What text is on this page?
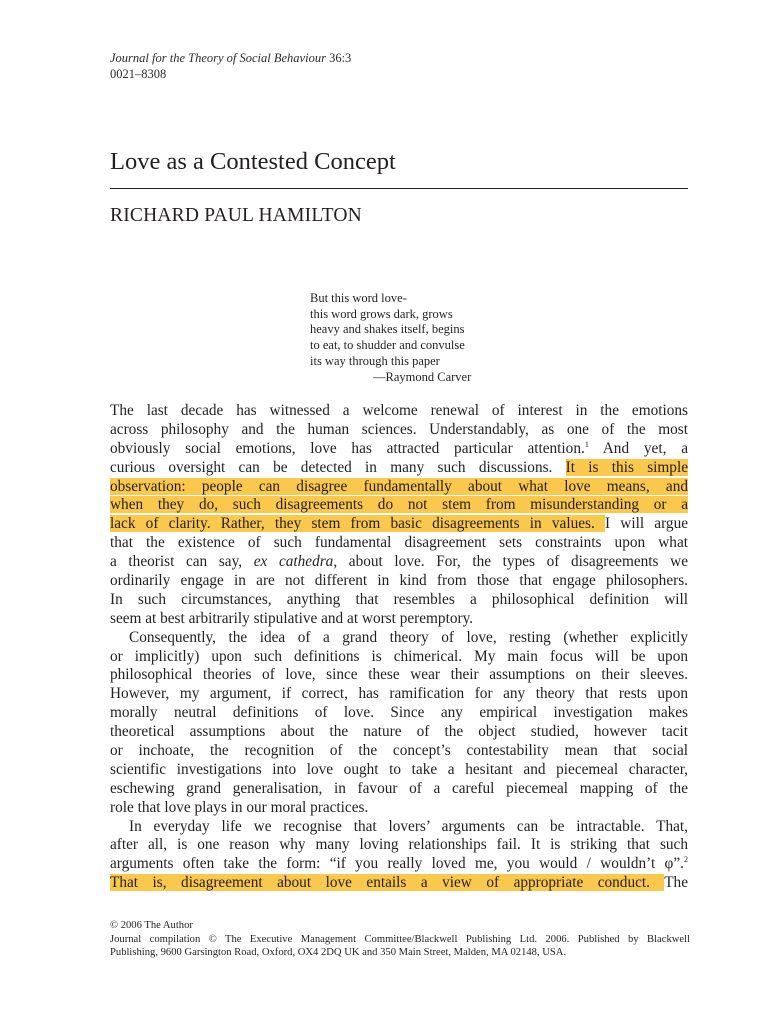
Journal for the Theory of Social Behaviour 36:3
0021–8308
Love as a Contested Concept
RICHARD PAUL HAMILTON
But this word love-
this word grows dark, grows
heavy and shakes itself, begins
to eat, to shudder and convulse
its way through this paper
—Raymond Carver
The last decade has witnessed a welcome renewal of interest in the emotions
across philosophy and the human sciences. Understandably, as one of the most
obviously social emotions, love has attracted particular attention.$^1$ And yet, a
curious oversight can be detected in many such discussions. It is this simple
observation: people can disagree fundamentally about what love means, and
when they do, such disagreements do not stem from misunderstanding or a
lack of clarity. Rather, they stem from basic disagreements in values. I will argue
that the existence of such fundamental disagreement sets constraints upon what
a theorist can say, ex cathedra, about love. For, the types of disagreements we
ordinarily engage in are not different in kind from those that engage philosophers.
In such circumstances, anything that resembles a philosophical definition will
seem at best arbitrarily stipulative and at worst peremptory.
Consequently, the idea of a grand theory of love, resting (whether explicitly
or implicitly) upon such definitions is chimerical. My main focus will be upon
philosophical theories of love, since these wear their assumptions on their sleeves.
However, my argument, if correct, has ramification for any theory that rests upon
morally neutral definitions of love. Since any empirical investigation makes
theoretical assumptions about the nature of the object studied, however tacit
or inchoate, the recognition of the concept’s contestability mean that social
scientific investigations into love ought to take a hesitant and piecemeal character,
eschewing grand generalisation, in favour of a careful piecemeal mapping of the
role that love plays in our moral practices.
In everyday life we recognise that lovers’ arguments can be intractable. That,
after all, is one reason why many loving relationships fail. It is striking that such
arguments often take the form: “if you really loved me, you would / wouldn’t φ”.$^2$
That is, disagreement about love entails a view of appropriate conduct. The
© 2006 The Author
Journal compilation © The Executive Management Committee/Blackwell Publishing Ltd. 2006. Published by Blackwell
Publishing, 9600 Garsington Road, Oxford, OX4 2DQ UK and 350 Main Street, Malden, MA 02148, USA.
